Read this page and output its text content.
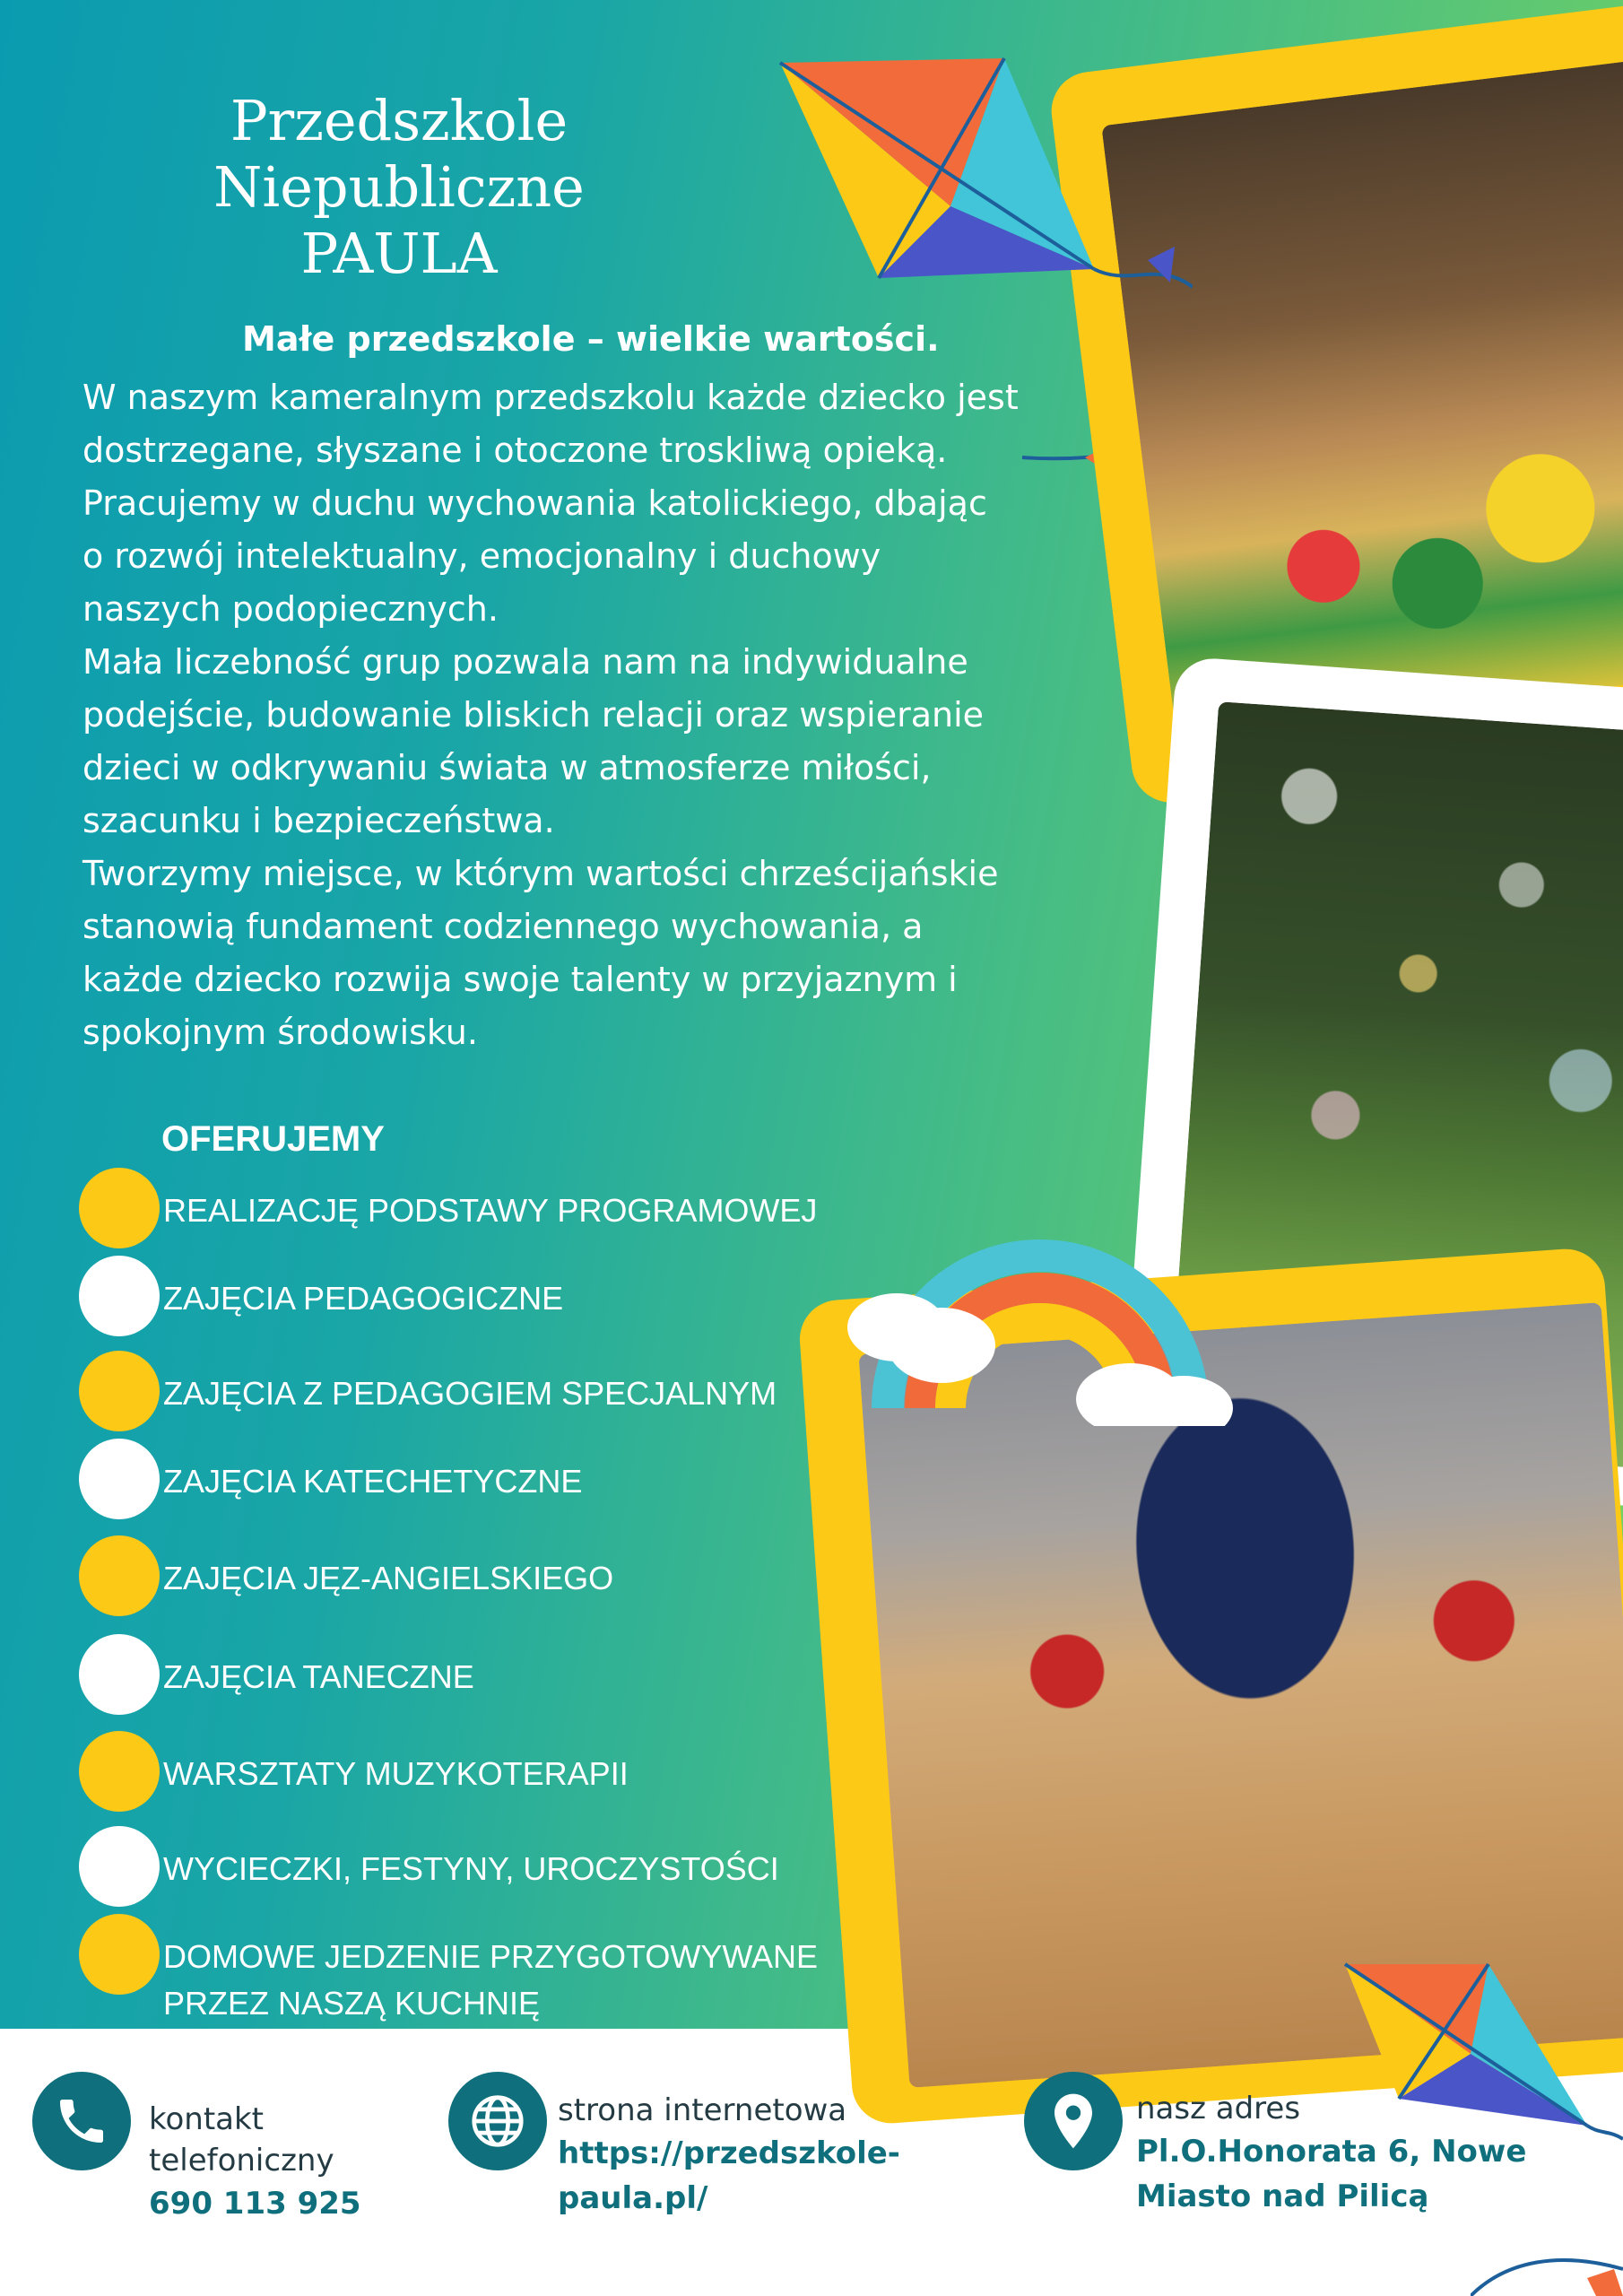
Przedszkole
Niepubliczne
PAULA
Małe przedszkole – wielkie wartości.

W naszym kameralnym przedszkolu każde dziecko jest

dostrzegane, słyszane i otoczone troskliwą opieką.

Pracujemy w duchu wychowania katolickiego, dbając

o rozwój intelektualny, emocjonalny i duchowy

naszych podopiecznych.

Mała liczebność grup pozwala nam na indywidualne

podejście, budowanie bliskich relacji oraz wspieranie

dzieci w odkrywaniu świata w atmosferze miłości,

szacunku i bezpieczeństwa.

Tworzymy miejsce, w którym wartości chrześcijańskie

stanowią fundament codziennego wychowania, a

każde dziecko rozwija swoje talenty w przyjaznym i

spokojnym środowisku.

OFERUJEMY
REALIZACJĘ PODSTAWY PROGRAMOWEJ
ZAJĘCIA PEDAGOGICZNE
ZAJĘCIA Z PEDAGOGIEM SPECJALNYM
ZAJĘCIA KATECHETYCZNE
ZAJĘCIA JĘZ-ANGIELSKIEGO
ZAJĘCIA TANECZNE
WARSZTATY MUZYKOTERAPII
WYCIECZKI, FESTYNY, UROCZYSTOŚCI
DOMOWE JEDZENIE PRZYGOTOWYWANE
PRZEZ NASZĄ KUCHNIĘ
kontakt
telefoniczny
690 113 925
strona internetowa
https://przedszkole-
paula.pl/
nasz adres
Pl.O.Honorata 6, Nowe
Miasto nad Pilicą
